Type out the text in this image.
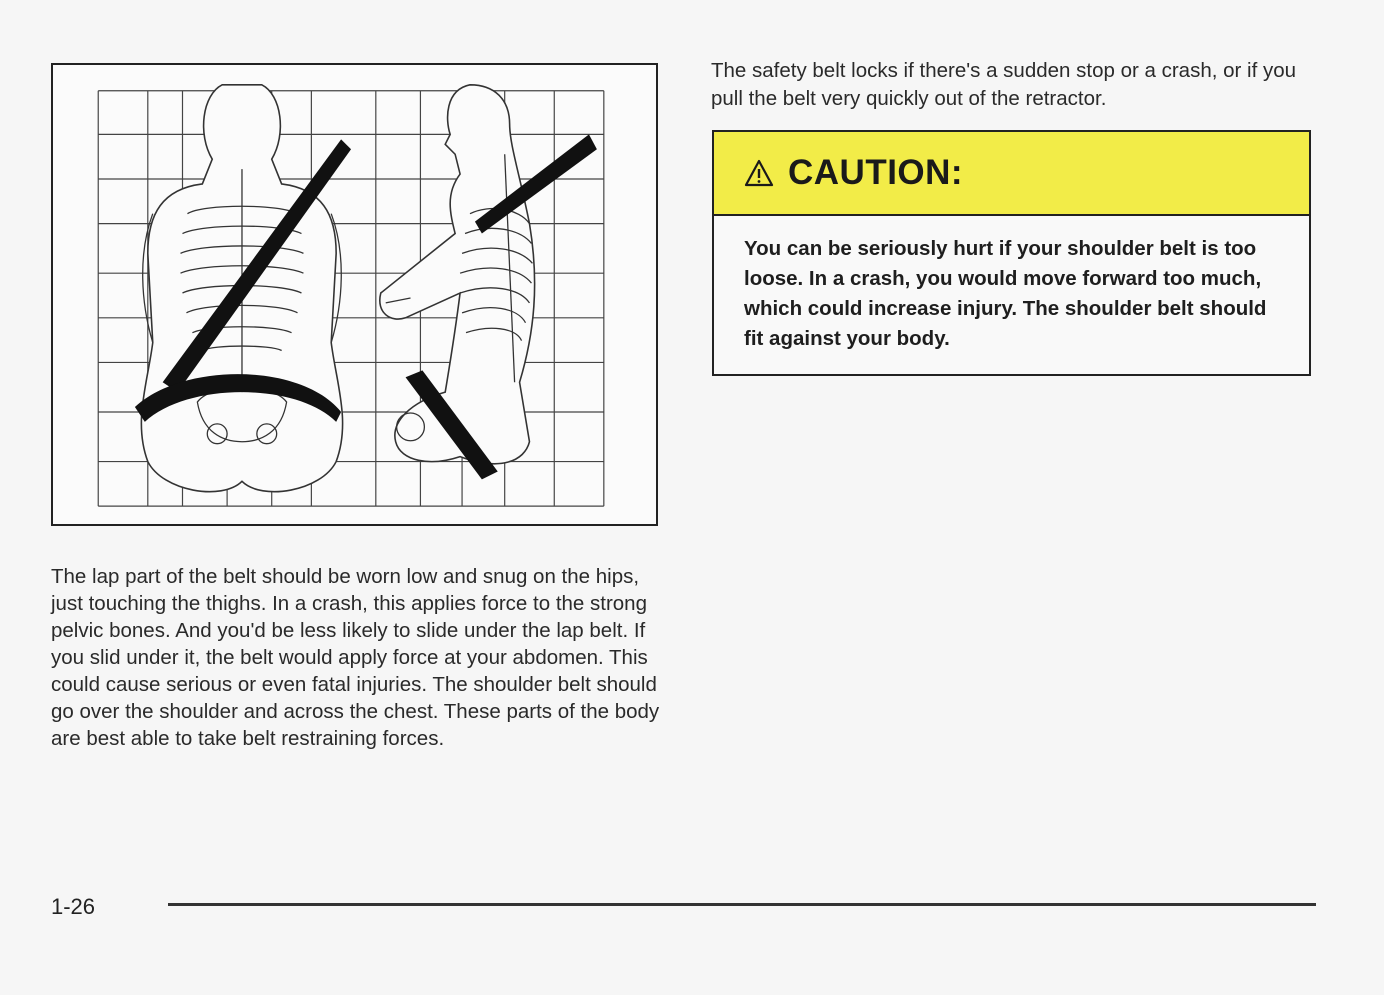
The safety belt locks if there's a sudden stop or a crash, or if you pull the belt very quickly out of the retractor.

CAUTION:

You can be seriously hurt if your shoulder belt is too loose. In a crash, you would move forward too much, which could increase injury. The shoulder belt should fit against your body.

The lap part of the belt should be worn low and snug on the hips, just touching the thighs. In a crash, this applies force to the strong pelvic bones. And you'd be less likely to slide under the lap belt. If you slid under it, the belt would apply force at your abdomen. This could cause serious or even fatal injuries. The shoulder belt should go over the shoulder and across the chest. These parts of the body are best able to take belt restraining forces.

1-26
